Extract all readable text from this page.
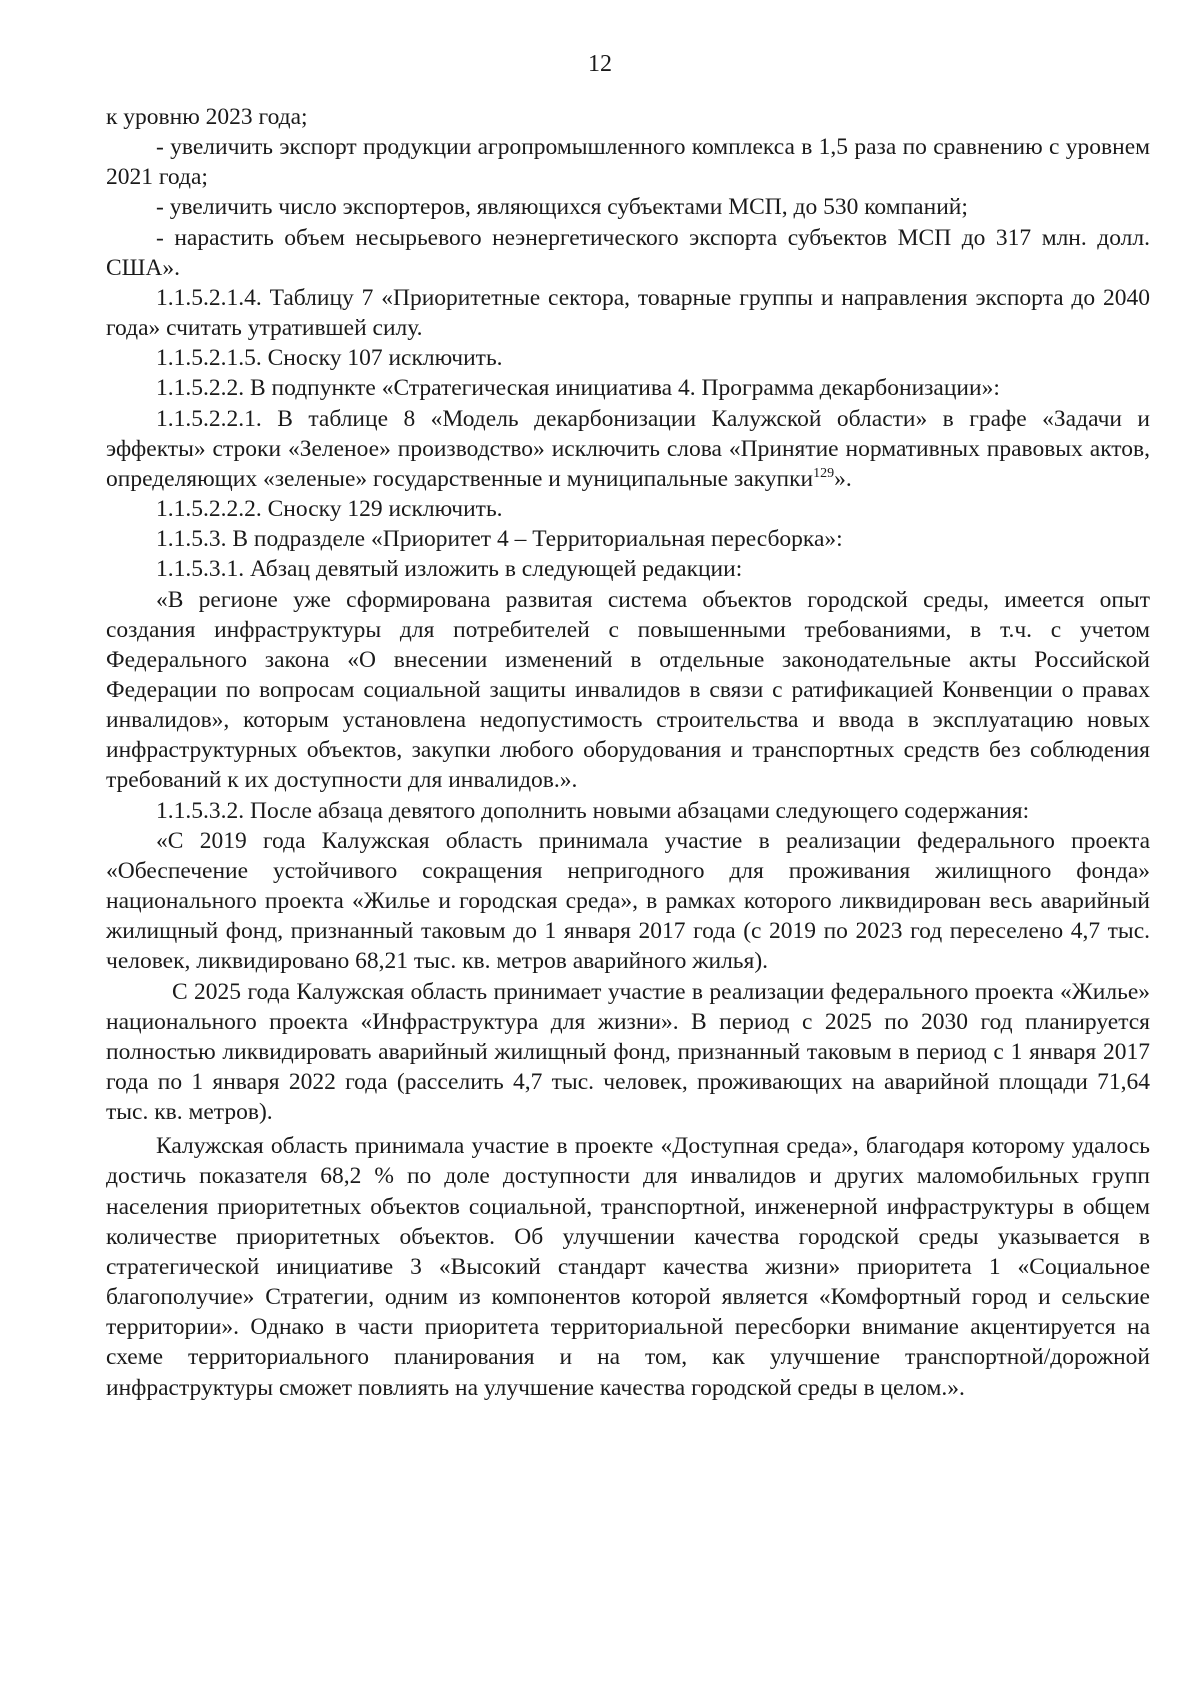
12

к уровню 2023 года;

- увеличить экспорт продукции агропромышленного комплекса в 1,5 раза по сравнению с уровнем 2021 года;

- увеличить число экспортеров, являющихся субъектами МСП, до 530 компаний;

- нарастить объем несырьевого неэнергетического экспорта субъектов МСП до 317 млн. долл. США».

1.1.5.2.1.4. Таблицу 7 «Приоритетные сектора, товарные группы и направления экспорта до 2040 года» считать утратившей силу.

1.1.5.2.1.5. Сноску 107 исключить.

1.1.5.2.2. В подпункте «Стратегическая инициатива 4. Программа декарбонизации»:

1.1.5.2.2.1. В таблице 8 «Модель декарбонизации Калужской области» в графе «Задачи и эффекты» строки «Зеленое» производство» исключить слова «Принятие нормативных правовых актов, определяющих «зеленые» государственные и муниципальные закупки$^{129}$».

1.1.5.2.2.2. Сноску 129 исключить.

1.1.5.3. В подразделе «Приоритет 4 – Территориальная пересборка»:

1.1.5.3.1. Абзац девятый изложить в следующей редакции:

«В регионе уже сформирована развитая система объектов городской среды, имеется опыт создания инфраструктуры для потребителей с повышенными требованиями, в т.ч. с учетом Федерального закона «О внесении изменений в отдельные законодательные акты Российской Федерации по вопросам социальной защиты инвалидов в связи с ратификацией Конвенции о правах инвалидов», которым установлена недопустимость строительства и ввода в эксплуатацию новых инфраструктурных объектов, закупки любого оборудования и транспортных средств без соблюдения требований к их доступности для инвалидов.».

1.1.5.3.2. После абзаца девятого дополнить новыми абзацами следующего содержания:

«С 2019 года Калужская область принимала участие в реализации федерального проекта «Обеспечение устойчивого сокращения непригодного для проживания жилищного фонда» национального проекта «Жилье и городская среда», в рамках которого ликвидирован весь аварийный жилищный фонд, признанный таковым до 1 января 2017 года (с 2019 по 2023 год переселено 4,7 тыс. человек, ликвидировано 68,21 тыс. кв. метров аварийного жилья).

С 2025 года Калужская область принимает участие в реализации федерального проекта «Жилье» национального проекта «Инфраструктура для жизни». В период с 2025 по 2030 год планируется полностью ликвидировать аварийный жилищный фонд, признанный таковым в период с 1 января 2017 года по 1 января 2022 года (расселить 4,7 тыс. человек, проживающих на аварийной площади 71,64 тыс. кв. метров).

Калужская область принимала участие в проекте «Доступная среда», благодаря которому удалось достичь показателя 68,2 % по доле доступности для инвалидов и других маломобильных групп населения приоритетных объектов социальной, транспортной, инженерной инфраструктуры в общем количестве приоритетных объектов. Об улучшении качества городской среды указывается в стратегической инициативе 3 «Высокий стандарт качества жизни» приоритета 1 «Социальное благополучие» Стратегии, одним из компонентов которой является «Комфортный город и сельские территории». Однако в части приоритета территориальной пересборки внимание акцентируется на схеме территориального планирования и на том, как улучшение транспортной/дорожной инфраструктуры сможет повлиять на улучшение качества городской среды в целом.».
